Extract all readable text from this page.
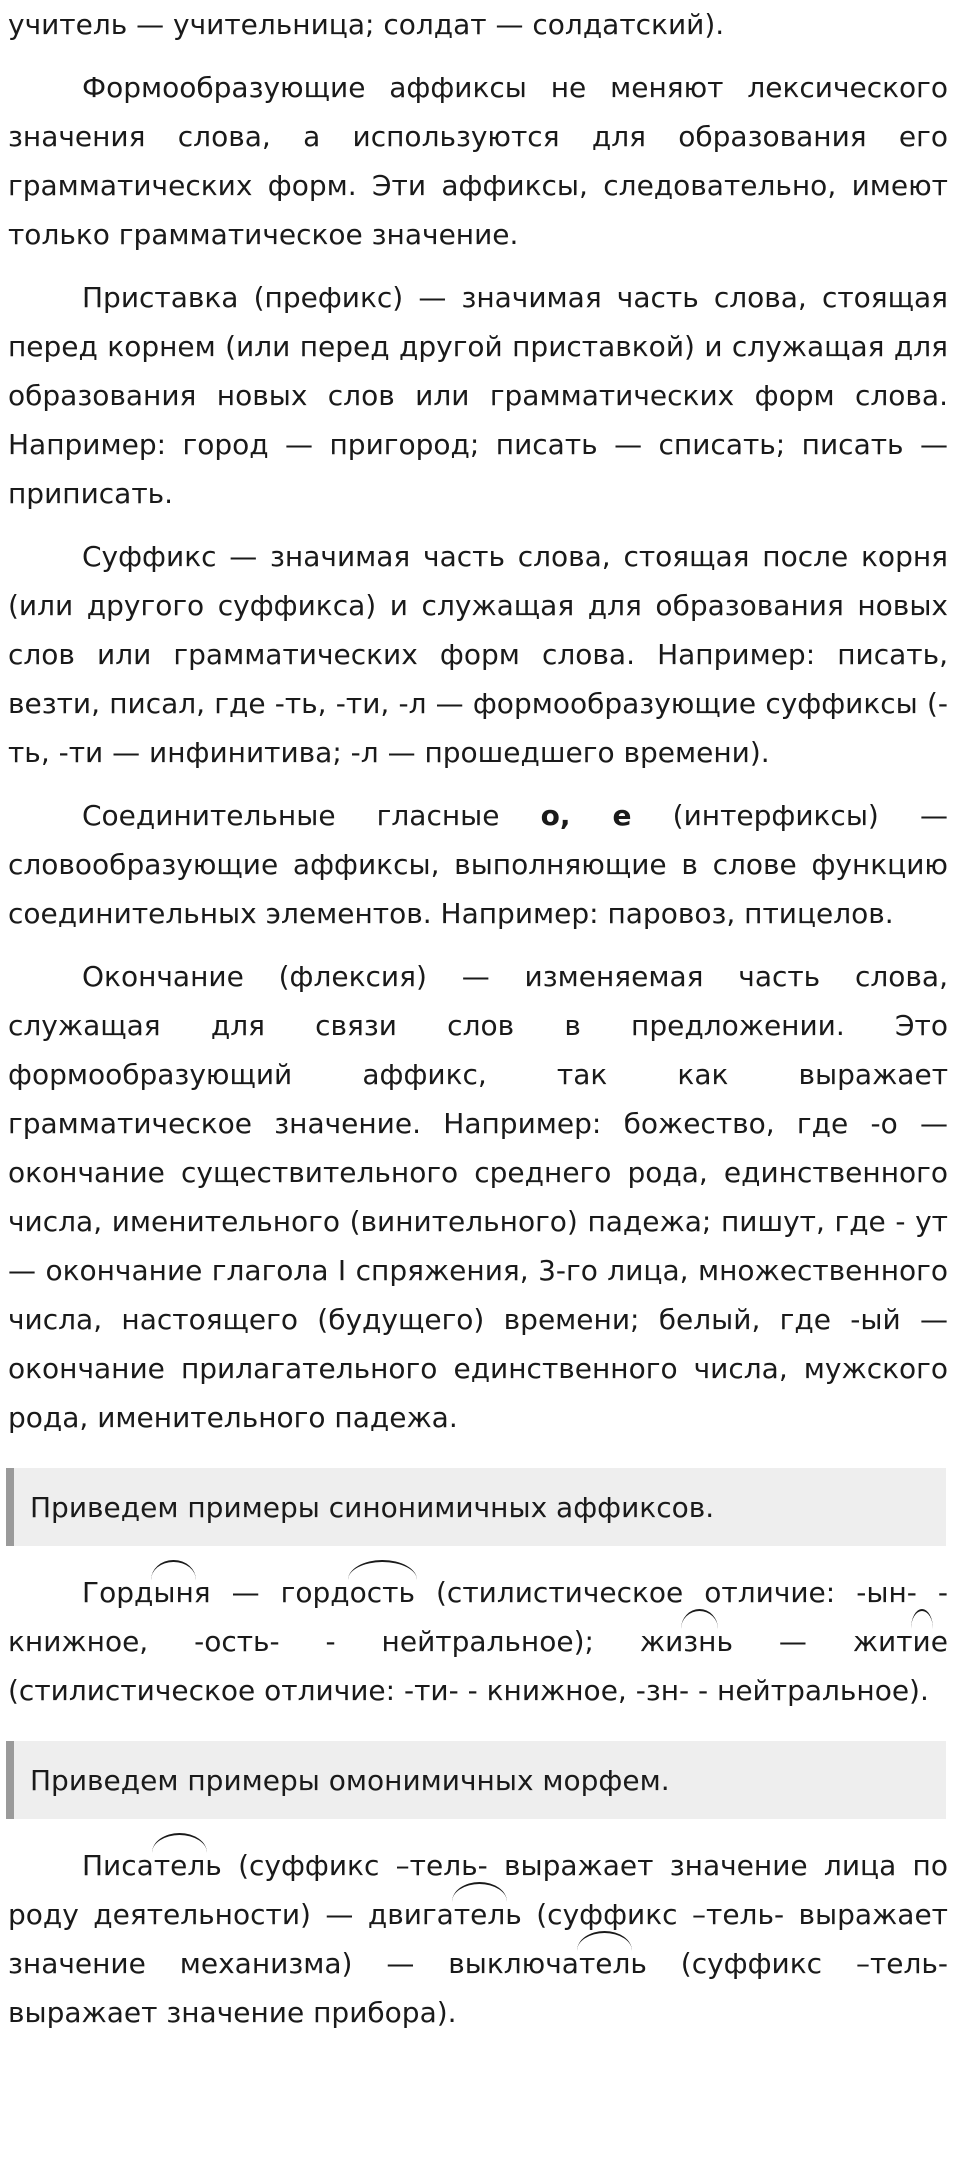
учитель — учительница; солдат — солдатский).

Формообразующие аффиксы не меняют лексического значения слова, а используются для образования его грамматических форм. Эти аффиксы, следовательно, имеют только грамматическое значение.

Приставка (префикс) — значимая часть слова, стоящая перед корнем (или перед другой приставкой) и служащая для образования новых слов или грамматических форм слова. Например: город — пригород; писать — списать; писать — приписать.

Суффикс — значимая часть слова, стоящая после корня (или другого суффикса) и служащая для образования новых слов или грамматических форм слова. Например: писать, везти, писал, где -ть, -ти, -л — формообразующие суффиксы (-ть, -ти — инфинитива; -л — прошедшего времени).

Соединительные гласные о, е (интерфиксы) — словообразующие аффиксы, выполняющие в слове функцию соединительных элементов. Например: паровоз, птицелов.

Окончание (флексия) — изменяемая часть слова, служащая для связи слов в предложении. Это формообразующий аффикс, так как выражает грамматическое значение. Например: божество, где -о — окончание существительного среднего рода, единственного числа, именительного (винительного) падежа; пишут, где - ут — окончание глагола I спряжения, 3-го лица, множественного числа, настоящего (будущего) времени; белый, где -ый — окончание прилагательного единственного числа, мужского рода, именительного падежа.

Приведем примеры синонимичных аффиксов.

Гордыня — гордость (стилистическое отличие: -ын- - книжное, -ость- - нейтральное); жизнь — житие (стилистическое отличие: -ти- - книжное, -зн- - нейтральное).

Приведем примеры омонимичных морфем.

Писатель (суффикс –тель- выражает значение лица по роду деятельности) — двигатель (суффикс –тель- выражает значение механизма) — выключатель (суффикс –тель- выражает значение прибора).
